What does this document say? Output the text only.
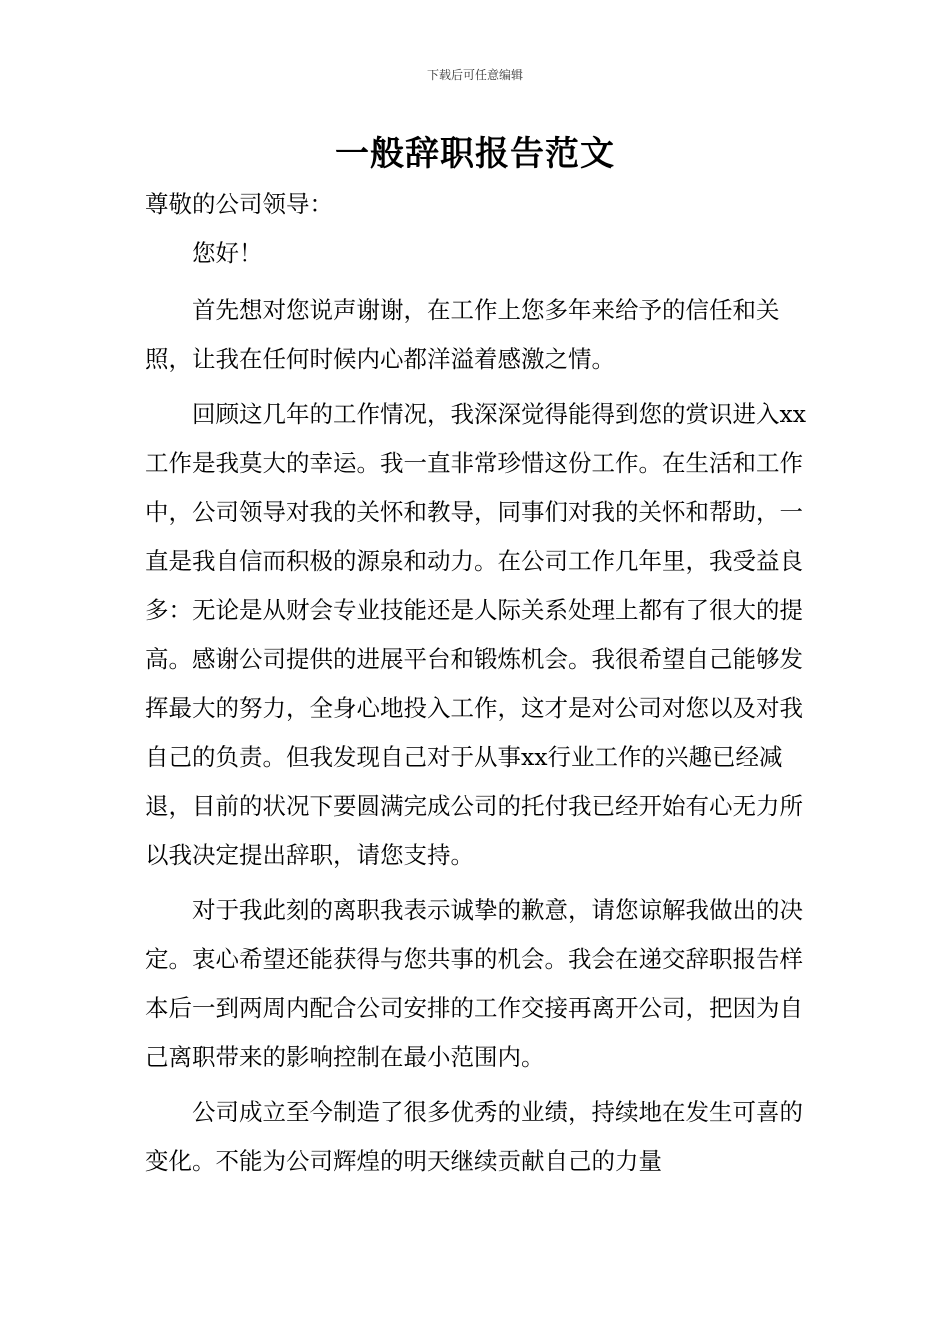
下载后可任意编辑
一般辞职报告范文

尊敬的公司领导：

您好！

首先想对您说声谢谢，在工作上您多年来给予的信任和关照，让我在任何时候内心都洋溢着感激之情。

回顾这几年的工作情况，我深深觉得能得到您的赏识进入xx工作是我莫大的幸运。我一直非常珍惜这份工作。在生活和工作中，公司领导对我的关怀和教导，同事们对我的关怀和帮助，一直是我自信而积极的源泉和动力。在公司工作几年里，我受益良多：无论是从财会专业技能还是人际关系处理上都有了很大的提高。感谢公司提供的进展平台和锻炼机会。我很希望自己能够发挥最大的努力，全身心地投入工作，这才是对公司对您以及对我自己的负责。但我发现自己对于从事xx行业工作的兴趣已经减退，目前的状况下要圆满完成公司的托付我已经开始有心无力所以我决定提出辞职，请您支持。

对于我此刻的离职我表示诚挚的歉意，请您谅解我做出的决定。衷心希望还能获得与您共事的机会。我会在递交辞职报告样本后一到两周内配合公司安排的工作交接再离开公司，把因为自己离职带来的影响控制在最小范围内。

公司成立至今制造了很多优秀的业绩，持续地在发生可喜的变化。不能为公司辉煌的明天继续贡献自己的力量
